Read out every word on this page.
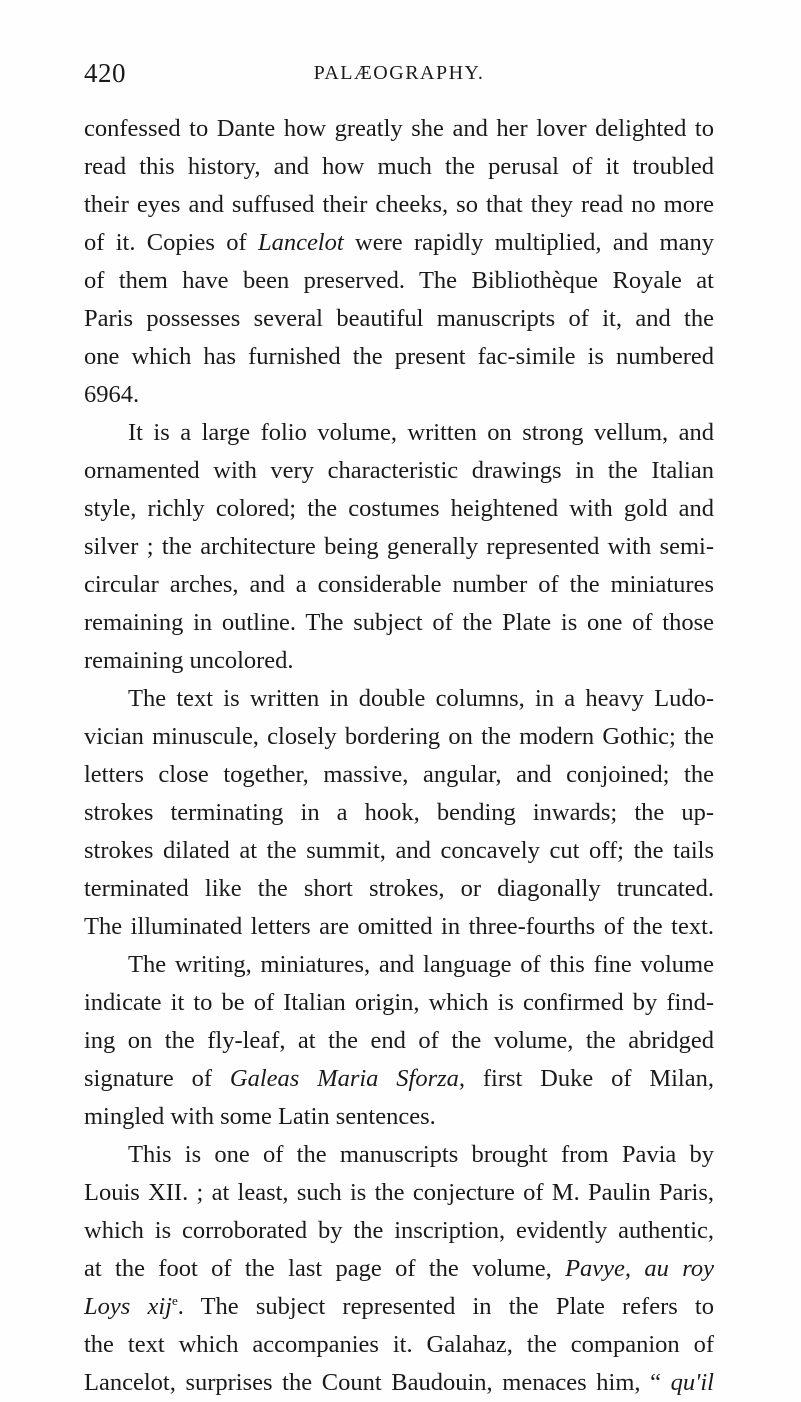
420	PALÆOGRAPHY.
confessed to Dante how greatly she and her lover delighted to
read this history, and how much the perusal of it troubled
their eyes and suffused their cheeks, so that they read no more
of it. Copies of Lancelot were rapidly multiplied, and many
of them have been preserved. The Bibliothèque Royale at
Paris possesses several beautiful manuscripts of it, and the
one which has furnished the present fac-simile is numbered
6964.
It is a large folio volume, written on strong vellum, and
ornamented with very characteristic drawings in the Italian
style, richly colored; the costumes heightened with gold and
silver ; the architecture being generally represented with semi-
circular arches, and a considerable number of the miniatures
remaining in outline. The subject of the Plate is one of those
remaining uncolored.
The text is written in double columns, in a heavy Ludo-
vician minuscule, closely bordering on the modern Gothic; the
letters close together, massive, angular, and conjoined; the
strokes terminating in a hook, bending inwards; the up-
strokes dilated at the summit, and concavely cut off; the tails
terminated like the short strokes, or diagonally truncated.
The illuminated letters are omitted in three-fourths of the text.
The writing, miniatures, and language of this fine volume
indicate it to be of Italian origin, which is confirmed by find-
ing on the fly-leaf, at the end of the volume, the abridged
signature of Galeas Maria Sforza, first Duke of Milan,
mingled with some Latin sentences.
This is one of the manuscripts brought from Pavia by
Louis XII. ; at least, such is the conjecture of M. Paulin Paris,
which is corroborated by the inscription, evidently authentic,
at the foot of the last page of the volume, Pavye, au roy
Loys xij$^e$. The subject represented in the Plate refers to
the text which accompanies it. Galahaz, the companion of
Lancelot, surprises the Count Baudouin, menaces him, “ qu'il
